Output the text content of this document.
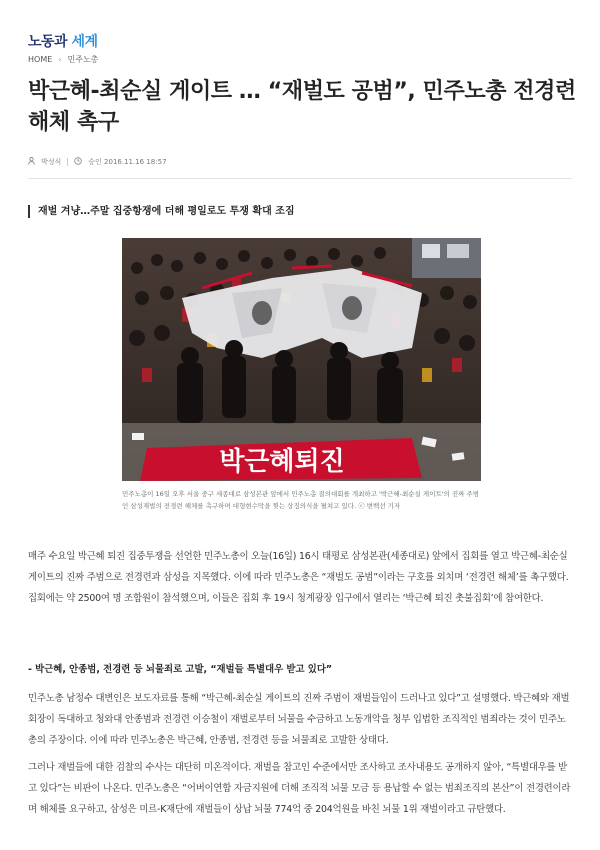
노동과 세계
HOME › 민주노총
박근혜-최순실 게이트 … “재벌도 공범”, 민주노총 전경련 해체 촉구
박성식	승인 2016.11.16 18:57
재벌 겨냥…주말 집중항쟁에 더해 평일로도 투쟁 확대 조짐
박근혜퇴진
민주노총이 16일 오후 서울 중구 세종대로 삼성본관 앞에서 민주노총 결의대회를 개최하고 '박근혜-최순실 게이트'의 진짜 주범인 삼성재벌의 전경련 해체를 촉구하며 대형현수막을 찢는 상징의식을 펼쳐고 있다. ⓒ 변백선 기자

매주 수요일 박근혜 퇴진 집중투쟁을 선언한 민주노총이 오늘(16일) 16시 태평로 삼성본관(세종대로) 앞에서 집회를 열고 박근혜-최순실 게이트의 진짜 주범으로 전경련과 삼성을 지목했다. 이에 따라 민주노총은 “재벌도 공범”이라는 구호를 외치며 ‘전경련 해체’를 촉구했다. 집회에는 약 2500여 명 조합원이 참석했으며, 이들은 집회 후 19시 청계광장 입구에서 열리는 ‘박근혜 퇴진 촛불집회’에 참여한다.

- 박근혜, 안종범, 전경련 등 뇌물죄로 고발, “재벌들 특별대우 받고 있다”

민주노총 남정수 대변인은 보도자료를 통해 “박근혜-최순실 게이트의 진짜 주범이 재벌들임이 드러나고 있다”고 설명했다. 박근혜와 재벌회장이 독대하고 청와대 안종범과 전경련 이승철이 재벌로부터 뇌물을 수금하고 노동개악을 청부 입법한 조직적인 범죄라는 것이 민주노총의 주장이다. 이에 따라 민주노총은 박근혜, 안종범, 전경련 등을 뇌물죄로 고발한 상태다.

그러나 재벌들에 대한 검찰의 수사는 대단히 미온적이다. 재벌을 참고인 수준에서만 조사하고 조사내용도 공개하지 않아, “특별대우를 받고 있다”는 비판이 나온다. 민주노총은 “어버이연합 자금지원에 더해 조직적 뇌물 모금 등 용납할 수 없는 범죄조직의 본산”이 전경련이라며 해체를 요구하고, 삼성은 미르-K재단에 재벌들이 상납 뇌물 774억 중 204억원을 바친 뇌물 1위 재벌이라고 규탄했다.
